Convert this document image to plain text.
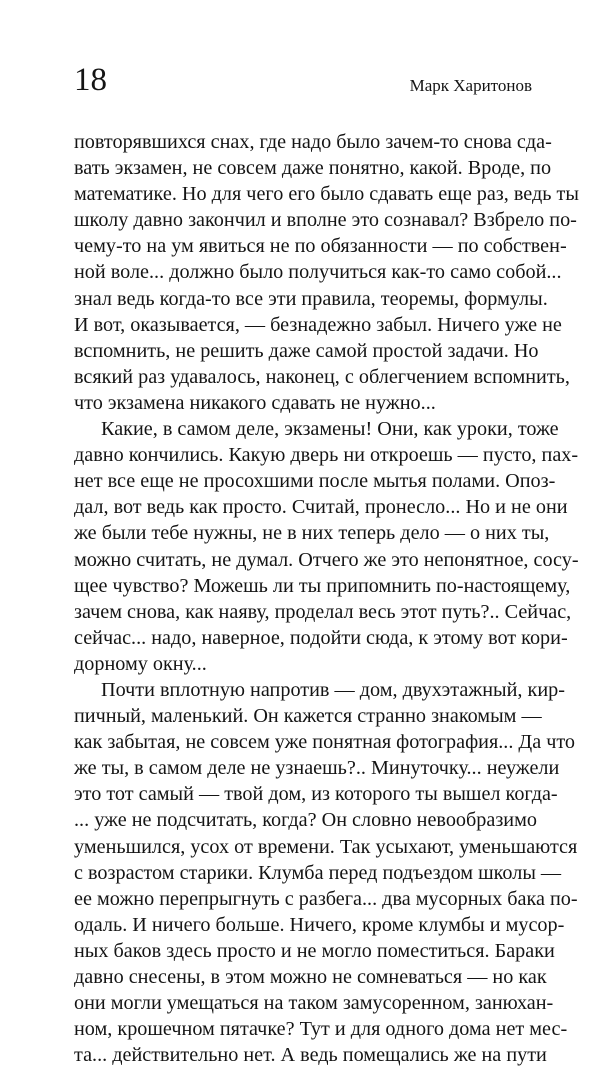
18	Марк Харитонов

повторявшихся снах, где надо было зачем-то снова сда-
вать экзамен, не совсем даже понятно, какой. Вроде, по
математике. Но для чего его было сдавать еще раз, ведь ты
школу давно закончил и вполне это сознавал? Взбрело по-
чему-то на ум явиться не по обязанности — по собствен-
ной воле... должно было получиться как-то само собой...
знал ведь когда-то все эти правила, теоремы, формулы.
И вот, оказывается, — безнадежно забыл. Ничего уже не
вспомнить, не решить даже самой простой задачи. Но
всякий раз удавалось, наконец, с облегчением вспомнить,
что экзамена никакого сдавать не нужно...

Какие, в самом деле, экзамены! Они, как уроки, тоже
давно кончились. Какую дверь ни откроешь — пусто, пах-
нет все еще не просохшими после мытья полами. Опоз-
дал, вот ведь как просто. Считай, пронесло... Но и не они
же были тебе нужны, не в них теперь дело — о них ты,
можно считать, не думал. Отчего же это непонятное, сосу-
щее чувство? Можешь ли ты припомнить по-настоящему,
зачем снова, как наяву, проделал весь этот путь?.. Сейчас,
сейчас... надо, наверное, подойти сюда, к этому вот кори-
дорному окну...

Почти вплотную напротив — дом, двухэтажный, кир-
пичный, маленький. Он кажется странно знакомым —
как забытая, не совсем уже понятная фотография... Да что
же ты, в самом деле не узнаешь?.. Минуточку... неужели
это тот самый — твой дом, из которого ты вышел когда-
... уже не подсчитать, когда? Он словно невообразимо
уменьшился, усох от времени. Так усыхают, уменьшаются
с возрастом старики. Клумба перед подъездом школы —
ее можно перепрыгнуть с разбега... два мусорных бака по-
одаль. И ничего больше. Ничего, кроме клумбы и мусор-
ных баков здесь просто и не могло поместиться. Бараки
давно снесены, в этом можно не сомневаться — но как
они могли умещаться на таком замусоренном, занюхан-
ном, крошечном пятачке? Тут и для одного дома нет мес-
та... действительно нет. А ведь помещались же на пути
